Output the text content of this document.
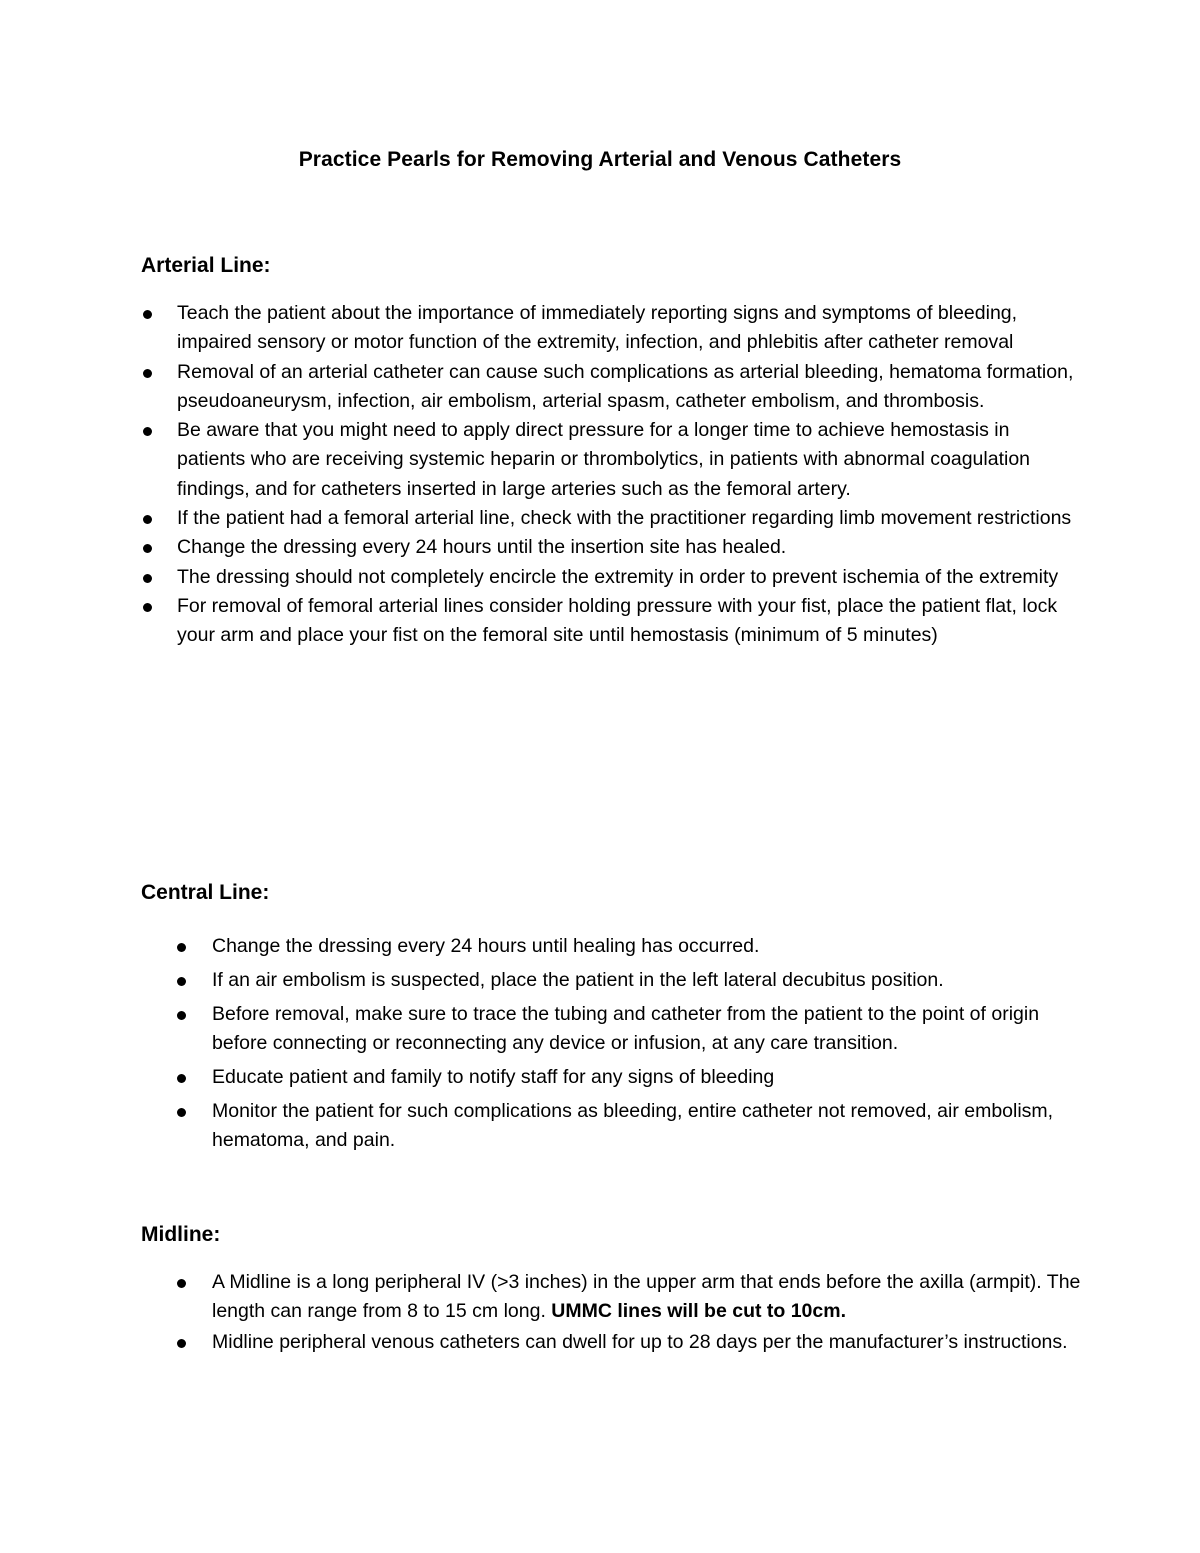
Practice Pearls for Removing Arterial and Venous Catheters
Arterial Line:
Teach the patient about the importance of immediately reporting signs and symptoms of bleeding, impaired sensory or motor function of the extremity, infection, and phlebitis after catheter removal
Removal of an arterial catheter can cause such complications as arterial bleeding, hematoma formation, pseudoaneurysm, infection, air embolism, arterial spasm, catheter embolism, and thrombosis.
Be aware that you might need to apply direct pressure for a longer time to achieve hemostasis in patients who are receiving systemic heparin or thrombolytics, in patients with abnormal coagulation findings, and for catheters inserted in large arteries such as the femoral artery.
If the patient had a femoral arterial line, check with the practitioner regarding limb movement restrictions
Change the dressing every 24 hours until the insertion site has healed.
The dressing should not completely encircle the extremity in order to prevent ischemia of the extremity
For removal of femoral arterial lines consider holding pressure with your fist, place the patient flat, lock your arm and place your fist on the femoral site until hemostasis (minimum of 5 minutes)
Central Line:
Change the dressing every 24 hours until healing has occurred.
If an air embolism is suspected, place the patient in the left lateral decubitus position.
Before removal, make sure to trace the tubing and catheter from the patient to the point of origin before connecting or reconnecting any device or infusion, at any care transition.
Educate patient and family to notify staff for any signs of bleeding
Monitor the patient for such complications as bleeding, entire catheter not removed, air embolism, hematoma, and pain.
Midline:
A Midline is a long peripheral IV (>3 inches) in the upper arm that ends before the axilla (armpit). The length can range from 8 to 15 cm long. UMMC lines will be cut to 10cm.
Midline peripheral venous catheters can dwell for up to 28 days per the manufacturer’s instructions.
